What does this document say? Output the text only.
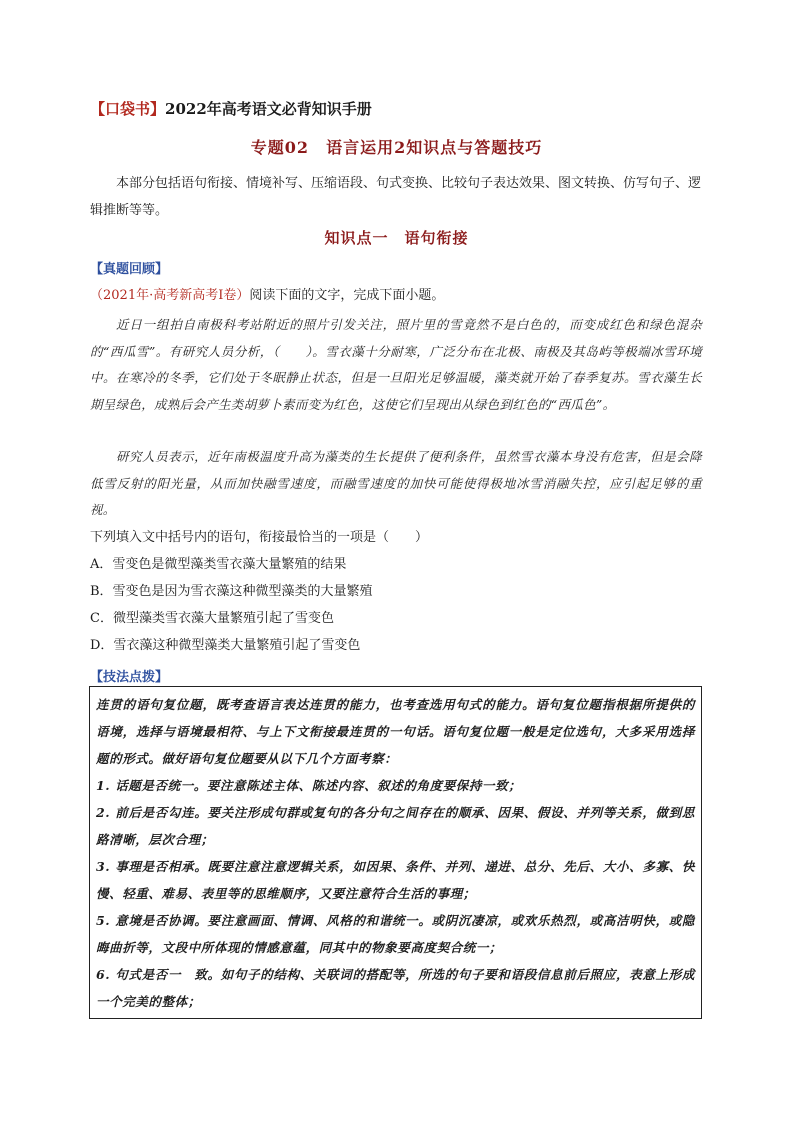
【口袋书】2022年高考语文必背知识手册
专题02　语言运用2知识点与答题技巧
本部分包括语句衔接、情境补写、压缩语段、句式变换、比较句子表达效果、图文转换、仿写句子、逻辑推断等等。
知识点一　语句衔接
【真题回顾】
（2021年·高考新高考I卷）阅读下面的文字，完成下面小题。
近日一组拍自南极科考站附近的照片引发关注，照片里的雪竟然不是白色的，而变成红色和绿色混杂的“西瓜雪”。有研究人员分析，（　　）。雪衣藻十分耐寒，广泛分布在北极、南极及其岛屿等极端冰雪环境中。在寒冷的冬季，它们处于冬眠静止状态，但是一旦阳光足够温暖，藻类就开始了春季复苏。雪衣藻生长期呈绿色，成熟后会产生类胡萝卜素而变为红色，这使它们呈现出从绿色到红色的“西瓜色”。
研究人员表示，近年南极温度升高为藻类的生长提供了便利条件，虽然雪衣藻本身没有危害，但是会降低雪反射的阳光量，从而加快融雪速度，而融雪速度的加快可能使得极地冰雪消融失控，应引起足够的重视。
下列填入文中括号内的语句，衔接最恰当的一项是（　　）
A．雪变色是微型藻类雪衣藻大量繁殖的结果
B．雪变色是因为雪衣藻这种微型藻类的大量繁殖
C．微型藻类雪衣藻大量繁殖引起了雪变色
D．雪衣藻这种微型藻类大量繁殖引起了雪变色
【技法点拨】
连贯的语句复位题，既考查语言表达连贯的能力，也考查选用句式的能力。语句复位题指根据所提供的语境，选择与语境最相符、与上下文衔接最连贯的一句话。语句复位题一般是定位选句，大多采用选择题的形式。做好语句复位题要从以下几个方面考察：
1. 话题是否统一。要注意陈述主体、陈述内容、叙述的角度要保持一致；
2. 前后是否勾连。要关注形成句群或复句的各分句之间存在的顺承、因果、假设、并列等关系，做到思路清晰，层次合理；
3. 事理是否相承。既要注意注意逻辑关系，如因果、条件、并列、递进、总分、先后、大小、多寡、快慢、轻重、难易、表里等的思维顺序，又要注意符合生活的事理；
5. 意境是否协调。要注意画面、情调、风格的和谐统一。或阴沉凄凉，或欢乐热烈，或高洁明快，或隐晦曲折等，文段中所体现的情感意蕴，同其中的物象要高度契合统一；
6. 句式是否一　致。如句子的结构、关联词的搭配等，所选的句子要和语段信息前后照应，表意上形成一个完美的整体；
